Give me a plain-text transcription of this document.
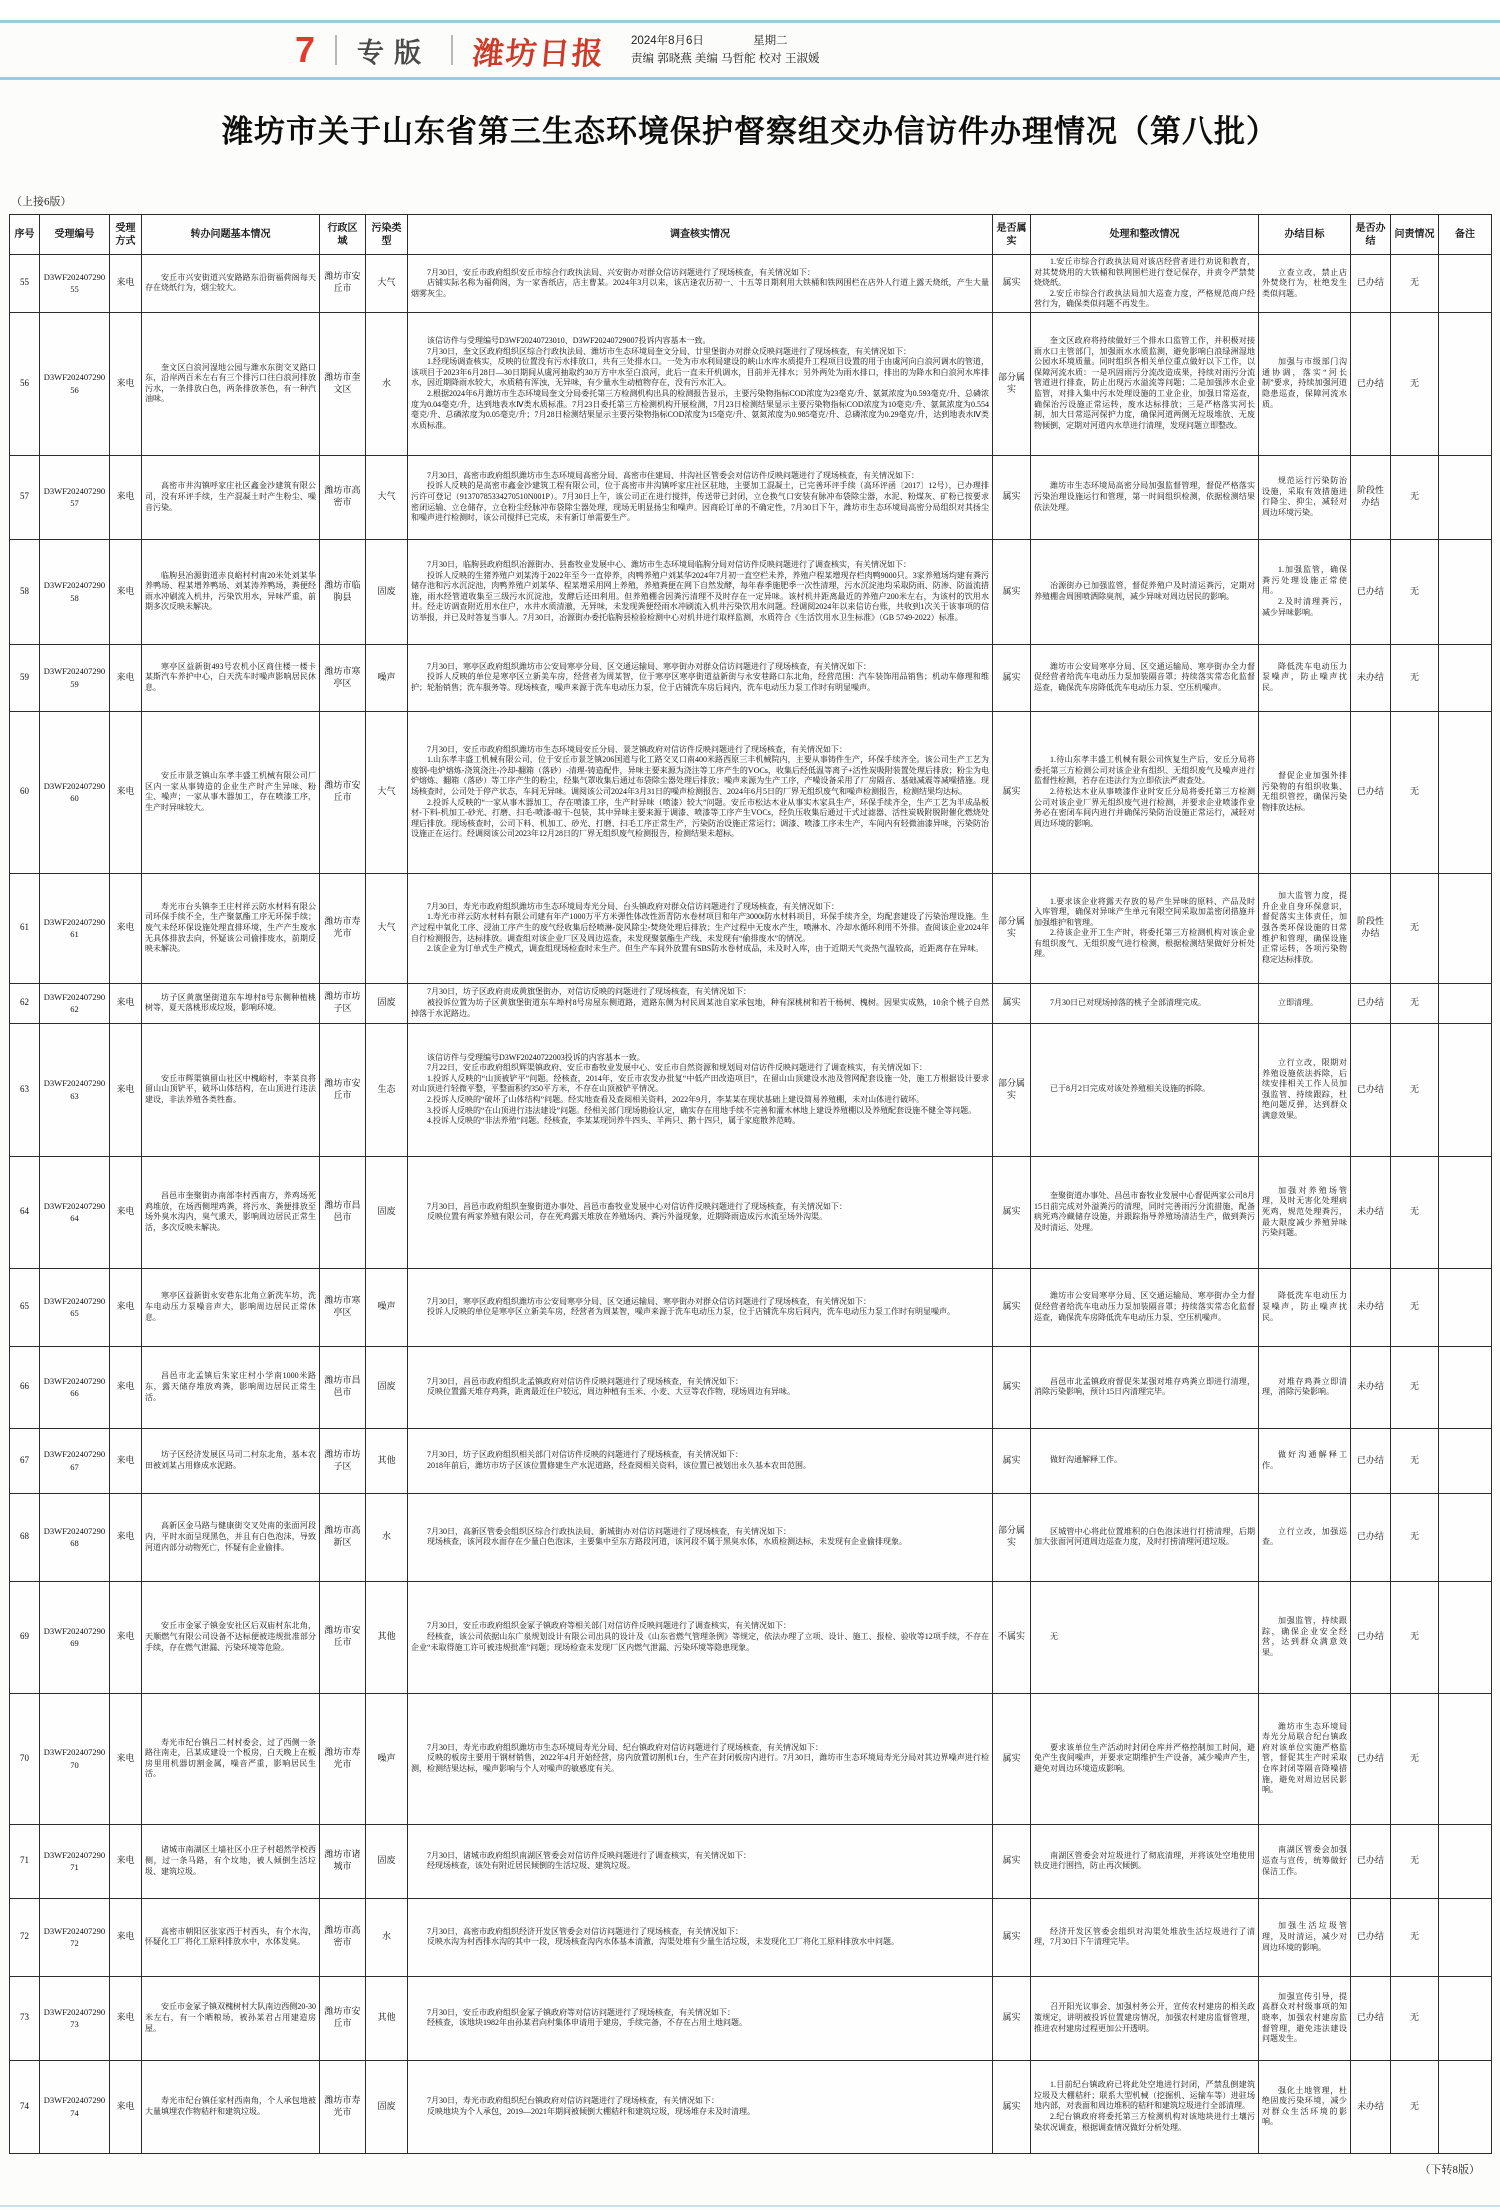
7 专版 潍坊日报 2024年8月6日	星期二
责编 郭晓燕 美编 马哲舵 校对 王淑媛
潍坊市关于山东省第三生态环境保护督察组交办信访件办理情况（第八批）
（上接6版）
序号	受理编号	受理方式	转办问题基本情况	行政区域	污染类型	调查核实情况	是否属实	处理和整改情况	办结目标	是否办结	问责情况	备注
55	D3WF20240729055	来电	
安丘市兴安街道兴安路路东沿街福荷阁每天存在烧纸行为，烟尘较大。
	潍坊市安丘市	大气	
7月30日，安丘市政府组织安丘市综合行政执法局、兴安街办对群众信访问题进行了现场核查，有关情况如下：
店铺实际名称为福荷阁，为一家香纸店，店主曹某。2024年3月以来，该店逢农历初一、十五等日期利用大铁桶和铁网围栏在店外人行道上露天烧纸，产生大量烟雾灰尘。
	属实	
1.安丘市综合行政执法局对该店经营者进行劝说和教育，对其焚烧用的大铁桶和铁网围栏进行登记保存，并责令严禁焚烧烧纸。
2.安丘市综合行政执法局加大巡查力度，严格规范商户经营行为，确保类似问题不再发生。

立查立改，禁止店外焚烧行为，杜绝发生类似问题。
	已办结	无	
56	D3WF20240729056	来电	
奎文区白浪河湿地公园与潍水东街交叉路口东，沿岸两百米左右有三个排污口往白浪河排放污水，一条排放白色，两条排放茶色，有一种汽油味。
	潍坊市奎文区	水	
该信访件与受理编号D3WF20240723010、D3WF20240729007投诉内容基本一致。
7月30日，奎文区政府组织区综合行政执法局、潍坊市生态环境局奎文分局、廿里堡街办对群众反映问题进行了现场核查，有关情况如下：
1.经现场调查核实，反映的位置没有污水排放口，共有三处排水口。一处为市水利局建设的峡山水库水质提升工程项目设置的用于由虞河向白浪河调水的管道，该项目于2023年6月28日—30日期间从虞河抽取约30万方中水至白浪河，此后一直未开机调水，目前并无排水；另外两处为雨水排口，排出的为降水和白浪河水库排水，因近期降雨水较大，水质稍有浑浊，无异味，有少量水生动植物存在，没有污水汇入。
2.根据2024年6月潍坊市生态环境局奎文分局委托第三方检测机构出具的检测报告显示，主要污染物指标COD浓度为23毫克/升、氨氮浓度为0.593毫克/升、总磷浓度为0.04毫克/升，达到地表水Ⅳ类水质标准。7月23日委托第三方检测机构开展检测，7月23日检测结果显示主要污染物指标COD浓度为10毫克/升、氨氮浓度为0.554毫克/升、总磷浓度为0.05毫克/升；7月28日检测结果显示主要污染物指标COD浓度为15毫克/升、氨氮浓度为0.985毫克/升、总磷浓度为0.29毫克/升，达到地表水Ⅳ类水质标准。
	部分属实	
奎文区政府将持续做好三个排水口监管工作，并积极对接雨水口主管部门，加强雨水水质监测，避免影响白浪绿洲湿地公园水环境质量。同时组织各相关单位重点做好以下工作，以保障河流水质：一是巩固雨污分流改造成果，持续对雨污分流管道进行排查，防止出现污水溢流等问题；二是加强涉水企业监管，对排入集中污水处理设施的工业企业，加强日常巡查，确保治污设施正常运转，废水达标排放；三是严格落实河长制，加大日常巡河保护力度，确保河道两侧无垃圾堆放、无废物倾倒，定期对河道内水草进行清理，发现问题立即整改。

加强与市级部门沟通协调，落实“河长制”要求，持续加强河道隐患巡查，保障河流水质。
	已办结	无	
57	D3WF20240729057	来电	高密市井沟镇呼家庄社区鑫金沙建筑有限公司，没有环评手续，生产混凝土时产生粉尘、噪音污染。	潍坊市高密市	大气	7月30日，高密市政府组织潍坊市生态环境局高密分局、高密市住建局、井沟社区管委会对信访件反映问题进行了现场核查，有关情况如下：
投诉人反映的是高密市鑫金沙建筑工程有限公司，位于高密市井沟镇呼家庄社区驻地，主要加工混凝土，已完善环评手续（高环评函〔2017〕12号），已办理排污许可登记（91370785334270510N001P）。7月30日上午，该公司正在进行搅拌，传送带已封闭，立仓换气口安装有脉冲布袋除尘器，水泥、粉煤灰、矿粉已按要求密闭运输、立仓储存，立仓粉尘经脉冲布袋除尘器处理，现场无明显扬尘和噪声。因商砼订单的不确定性，7月30日下午，潍坊市生态环境局高密分局组织对其扬尘和噪声进行检测时，该公司搅拌已完成，未有新订单需要生产。	属实	潍坊市生态环境局高密分局加强监督管理，督促严格落实污染治理设施运行和管理，第一时间组织检测，依据检测结果依法处理。	规范运行污染防治设施，采取有效措施进行降尘、抑尘，减轻对周边环境污染。	阶段性办结	无	
58	D3WF20240729058	来电	
临朐县冶源街道赤良峪村村南20米处刘某华养鸭场、程某增养鸭场、刘某涛养鸭场，粪便经雨水冲刷流入机井，污染饮用水，异味严重，前期多次反映未解决。
	潍坊市临朐县	固废	
7月30日，临朐县政府组织冶源街办、县畜牧业发展中心、潍坊市生态环境局临朐分局对信访件反映问题进行了调查核实，有关情况如下：
投诉人反映的生猪养殖户刘某涛于2022年至今一直停养，肉鸭养殖户刘某华2024年7月初一直空栏未养，养殖户程某增现存栏肉鸭9000只。3家养殖场均建有粪污储存池和污水沉淀池，肉鸭养殖户刘某华、程某增采用网上养殖，养殖粪便在网下自然发酵，每年春季施肥季一次性清理，污水沉淀池均采取防雨、防渗、防溢流措施，雨水经管道收集至三级污水沉淀池，发酵后还田利用。但养殖棚舍因粪污清理不及时存在一定异味。该村机井距离最近的养殖户200米左右，为该村的饮用水井。经走访调查附近用水住户，水井水质清澈，无异味，未发现粪便经雨水冲刷流入机井污染饮用水问题。经调阅2024年以来信访台账，共收到1次关于该事项的信访举报，并已及时答复当事人。7月30日，冶源街办委托临朐县检验检测中心对机井进行取样监测，水质符合《生活饮用水卫生标准》（GB 5749-2022）标准。
	属实	
冶源街办已加强监管，督促养殖户及时清运粪污，定期对养殖棚舍周围喷洒除臭剂，减少异味对周边居民的影响。

1.加强监管，确保粪污处理设施正常使用。
2.及时清理粪污，减少异味影响。
	已办结	无	
59	D3WF20240729059	来电	寒亭区益新街493号农机小区商住楼一楼卡某斯汽车养护中心，白天洗车时噪声影响居民休息。	潍坊市寒亭区	噪声	7月30日，寒亭区政府组织潍坊市公安局寒亭分局、区交通运输局、寒亭街办对群众信访问题进行了现场核查，有关情况如下：
投诉人反映的单位是寒亭区立新美车房，经营者为周某智，位于寒亭区寒亭街道益新街与永安巷路口东北角，经营范围：汽车装饰用品销售；机动车修理和维护；轮胎销售；洗车服务等。现场核查，噪声来源于洗车电动压力泵，位于店铺洗车房后间内，洗车电动压力泵工作时有明显噪声。	属实	潍坊市公安局寒亭分局、区交通运输局、寒亭街办全力督促经营者给洗车电动压力泵加装隔音罩；持续落实常态化监督巡查，确保洗车房降低洗车电动压力泵、空压机噪声。	降低洗车电动压力泵噪声，防止噪声扰民。	未办结	无	
60	D3WF20240729060	来电	
安丘市景芝镇山东孝丰盛工机械有限公司厂区内一家从事铸造的企业生产时产生异味、粉尘、噪声；一家从事木器加工，存在喷漆工序，生产时异味较大。
	潍坊市安丘市	大气	
7月30日，安丘市政府组织潍坊市生态环境局安丘分局、景芝镇政府对信访件反映问题进行了现场核查，有关情况如下：
1.山东孝丰盛工机械有限公司，位于安丘市景芝镇206国道与化工路交叉口南400米路西原三丰机械院内，主要从事铸件生产，环保手续齐全。该公司生产工艺为废钢-电炉熔炼-浇筑浇注-冷却-翻箱（落砂）-清理-铸造配件，异味主要来源为浇注等工序产生的VOCs，收集后经低温等离子+活性炭吸附装置处理后排放；粉尘为电炉熔炼、翻箱（落砂）等工序产生的粉尘，经集气罩收集后通过布袋除尘器处理后排放；噪声来源为生产工序，产噪设备采用了厂房隔音、基础减震等减噪措施。现场核查时，公司处于停产状态，车间无异味。调阅该公司2024年3月31日的噪声检测报告、2024年6月5日的厂界无组织废气和噪声检测报告，检测结果均达标。
2.投诉人反映的“一家从事木器加工，存在喷漆工序，生产时异味（喷漆）较大”问题。安丘市松达木业从事实木家具生产，环保手续齐全，生产工艺为半成品板材-下料-机加工-砂光、打磨、扫毛-喷漆-晾干-包装，其中异味主要来源于调漆、喷漆等工序产生VOCs，经负压收集后通过干式过滤器、活性炭吸附脱附催化燃烧处理后排放。现场核查时，公司下料、机加工、砂光、打磨、扫毛工序正常生产，污染防治设施正常运行；调漆、喷漆工序未生产，车间内有轻微油漆异味，污染防治设施正在运行。经调阅该公司2023年12月28日的厂界无组织废气检测报告，检测结果未超标。
	属实	
1.待山东孝丰盛工机械有限公司恢复生产后，安丘分局将委托第三方检测公司对该企业有组织、无组织废气及噪声进行监督性检测，若存在违法行为立即依法严肃查处。
2.待松达木业从事喷漆作业时安丘分局将委托第三方检测公司对该企业厂界无组织废气进行检测，并要求企业喷漆作业务必在密闭车间内进行并确保污染防治设施正常运行，减轻对周边环境的影响。

督促企业加强外排污染物的有组织收集、无组织管控，确保污染物排放达标。
	已办结	无	
61	D3WF20240729061	来电	
寿光市台头镇李王庄村祥云防水材料有限公司环保手续不全，生产聚氨酯工序无环保手续；废气未经环保设施处理直排环境，生产产生废水无具体排放去向，怀疑该公司偷排废水，前期反映未解决。
	潍坊市寿光市	大气	
7月30日，寿光市政府组织潍坊市生态环境局寿光分局、台头镇政府对群众信访问题进行了现场核查，有关情况如下：
1.寿光市祥云防水材料有限公司建有年产1000万平方米弹性体改性沥青防水卷材项目和年产3000t防水材料项目，环保手续齐全，均配套建设了污染治理设施。生产过程中氧化工序、浸油工序产生的废气经收集后经喷淋-旋风除尘-焚烧处理后排放；生产过程中无废水产生，喷淋水、冷却水循环利用不外排。查阅该企业2024年自行检测报告，达标排放。调查组对该企业厂区及周边巡查，未发现聚氨酯生产线、未发现有“偷排废水”的情况。
2.该企业为订单式生产模式，调查组现场检查时未生产。但生产车间外放置有SBS防水卷材成品，未及时入库，由于近期天气炎热气温较高，近距离存在异味。
	部分属实	
1.要求该企业将露天存放的易产生异味的原料、产品及时入库管理，确保对异味产生单元有限空间采取加盖密闭措施并加强维护和管理。
2.待该企业开工生产时，将委托第三方检测机构对该企业有组织废气、无组织废气进行检测，根据检测结果做好分析处理。

加大监管力度，提升企业自身环保意识，督促落实主体责任，加强各类环保设施的日常维护和管理，确保设施正常运转，各项污染物稳定达标排放。
	阶段性办结	无	
62	D3WF20240729062	来电	坊子区黄旗堡街道东车埠村8号东侧种植桃树等，夏天落桃形成垃圾，影响环境。	潍坊市坊子区	固废	7月30日，坊子区政府责成黄旗堡街办，对信访反映的问题进行了现场核查，有关情况如下：
被投诉位置为坊子区黄旗堡街道东车埠村8号房屋东侧道路，道路东侧为村民周某池自家承包地，种有深桃树和若干杨树、槐树。因果实成熟，10余个桃子自然掉落于水泥路边。	属实	7月30日已对现场掉落的桃子全部清理完成。	立即清理。	已办结	无	
63	D3WF20240729063	来电	
安丘市辉渠镇留山社区中槐峪村，李某良将留山山顶铲平，破坏山体结构，在山顶进行违法建设，非法养殖各类牲畜。
	潍坊市安丘市	生态	
该信访件与受理编号D3WF20240722003投诉的内容基本一致。
7月22日，安丘市政府组织辉渠镇政府、安丘市畜牧业发展中心、安丘市自然资源和规划局对信访件反映问题进行了调查核实，有关情况如下：
1.投诉人反映的“山顶被铲平”问题。经核查，2014年，安丘市农发办批复“中低产田改造项目”，在留山山顶建设水池及管网配套设施一处，施工方根据设计要求对山顶进行轻微平整，平整面积约350平方米，不存在山顶被铲平情况。
2.投诉人反映的“破坏了山体结构”问题。经实地查看及查阅相关资料，2022年9月，李某某在现状基础上建设简易养殖棚，未对山体进行破坏。
3.投诉人反映的“在山顶进行违法建设”问题。经相关部门现场勘验认定，确实存在用地手续不完善和灌木林地上建设养殖棚以及养殖配套设施不健全等问题。
4.投诉人反映的“非法养殖”问题。经核查，李某某现饲养牛四头、羊两只、鹅十四只，属于家庭散养范畴。
	部分属实	
已于8月2日完成对该处养殖相关设施的拆除。

立行立改，限期对养殖设施依法拆除，后续安排相关工作人员加强监管、持续跟踪，杜绝问题反弹，达到群众满意效果。
	已办结	无	
64	D3WF20240729064	来电	昌邑市奎聚街办南部李村西南方，养鸡场死鸡堆放，在场西侧埋鸡粪，将污水、粪便排放至场外臭水沟内，臭气熏天，影响周边居民正常生活，多次反映未解决。	潍坊市昌邑市	固废	7月30日，昌邑市政府组织奎聚街道办事处、昌邑市畜牧业发展中心对信访件反映问题进行了现场核查，有关情况如下：
反映位置有两家养殖有限公司，存在死鸡露天堆放在养殖场内、粪污外溢现象，近期降雨造成污水流至场外沟渠。	属实	奎聚街道办事处、昌邑市畜牧业发展中心督促两家公司8月15日前完成对外溢粪污的清理，同时完善雨污分流措施，配备病死鸡冷藏储存设施，并跟踪指导养殖场清洁生产，做到粪污及时清运、处理。	加强对养殖场管理，及时无害化处理病死鸡，规范处理粪污，最大限度减少养殖异味污染问题。	未办结	无	
65	D3WF20240729065	来电	寒亭区益新街永安巷东北角立新洗车坊，洗车电动压力泵噪音声大，影响周边居民正常休息。	潍坊市寒亭区	噪声	7月30日，寒亭区政府组织潍坊市公安局寒亭分局、区交通运输局、寒亭街办对群众信访问题进行了现场核查，有关情况如下：
投诉人反映的单位是寒亭区立新美车房，经营者为周某智，噪声来源于洗车电动压力泵，位于店铺洗车房后间内，洗车电动压力泵工作时有明显噪声。	属实	潍坊市公安局寒亭分局、区交通运输局、寒亭街办全力督促经营者给洗车电动压力泵加装隔音罩；持续落实常态化监督巡查，确保洗车房降低洗车电动压力泵、空压机噪声。	降低洗车电动压力泵噪声，防止噪声扰民。	未办结	无	
66	D3WF20240729066	来电	昌邑市北孟镇后朱家庄村小学南1000米路东，露天储存堆放鸡粪，影响周边居民正常生活。	潍坊市昌邑市	固废	7月30日，昌邑市政府组织北孟镇政府对信访件反映问题进行了现场核查，有关情况如下：
反映位置露天堆存鸡粪，距离最近住户较远，周边种植有玉米、小麦、大豆等农作物，现场周边有异味。	属实	昌邑市北孟镇政府督促朱某强对堆存鸡粪立即进行清理，消除污染影响，预计15日内清理完毕。	对堆存鸡粪立即清理，消除污染影响。	未办结	无	
67	D3WF20240729067	来电	坊子区经济发展区马司二村东北角，基本农田被刘某占用修成水泥路。	潍坊市坊子区	其他	7月30日，坊子区政府组织相关部门对信访件反映的问题进行了现场核查，有关情况如下：
2018年前后，潍坊市坊子区该位置修建生产水泥道路，经查阅相关资料，该位置已被划出永久基本农田范围。	属实	做好沟通解释工作。	做好沟通解释工作。	已办结	无	
68	D3WF20240729068	来电	高新区金马路与健康街交叉处南的张面河段内，平时水面呈现黑色，并且有白色泡沫，导致河道内部分动物死亡，怀疑有企业偷排。	潍坊市高新区	水	7月30日，高新区管委会组织区综合行政执法局、新城街办对信访问题进行了现场核查，有关情况如下：
现场核查，该河段水面存在少量白色泡沫，主要集中至东方路段河道，该河段不属于黑臭水体，水质检测达标，未发现有企业偷排现象。	部分属实	区城管中心将此位置堆积的白色泡沫进行打捞清理，后期加大张面河河道周边巡查力度，及时打捞清理河道垃圾。	立行立改，加强巡查。	已办结	无	
69	D3WF20240729069	来电	安丘市金冢子镇金安社区后双庙村东北角，天顺燃气有限公司设备不达标便被违规批准部分手续，存在燃气泄漏、污染环境等危险。	潍坊市安丘市	其他	7月30日，安丘市政府组织金冢子镇政府等相关部门对信访件反映问题进行了调查核实，有关情况如下：
经核查，该公司依据山东广泉规划设计有限公司出具的设计及《山东省燃气管理条例》等规定，依法办理了立项、设计、施工、报检、验收等12项手续，不存在企业“未取得施工许可被违规批准”问题；现场检查未发现厂区内燃气泄漏、污染环境等隐患现象。	不属实	无	加强监管，持续跟踪，确保企业安全经营，达到群众满意效果。	已办结	无	
70	D3WF20240729070	来电	寿光市纪台镇吕二村村委会，过了西侧一条路往南走，吕某成建设一个板房，白天晚上在板房里用机器切割金属，噪音严重，影响居民生活。	潍坊市寿光市	噪声	7月30日，寿光市政府组织潍坊市生态环境局寿光分局、纪台镇政府对信访问题进行了现场核查，有关情况如下：
反映的板房主要用于钢材销售，2022年4月开始经营，房内放置切割机1台，生产在封闭板房内进行。7月30日，潍坊市生态环境局寿光分局对其边界噪声进行检测，检测结果达标，噪声影响与个人对噪声的敏感度有关。	属实	要求该单位生产活动时封闭仓库并严格控制加工时间，避免产生夜间噪声，并要求定期维护生产设备，减少噪声产生，避免对周边环境造成影响。	潍坊市生态环境局寿光分局联合纪台镇政府对该单位实施严格监管，督促其生产时采取仓库封闭等隔音降噪措施，避免对周边居民影响。	已办结	无	
71	D3WF20240729071	来电	诸城市南湖区土墙社区小庄子村超然学校西侧，过一条马路，有个坟地，被人倾倒生活垃圾、建筑垃圾。	潍坊市诸城市	固废	7月30日，诸城市政府组织南湖区管委会对信访件反映问题进行了调查核实，有关情况如下：
经现场核查，该处有附近居民倾倒的生活垃圾、建筑垃圾。	属实	南湖区管委会对垃圾进行了彻底清理，并将该处空地使用铁皮进行围挡，防止再次倾倒。	南湖区管委会加强巡查与宣传，统筹做好保洁工作。	已办结	无	
72	D3WF20240729072	来电	高密市朝阳区张家西于村西头，有个水沟，怀疑化工厂将化工原料排放水中，水体发臭。	潍坊市高密市	水	7月30日，高密市政府组织经济开发区管委会对信访问题进行了现场核查，有关情况如下：
反映水沟为村西排水沟的其中一段，现场核查沟内水体基本清澈，沟渠处堆有少量生活垃圾，未发现化工厂将化工原料排放水中问题。	属实	经济开发区管委会组织对沟渠处堆放生活垃圾进行了清理，7月30日下午清理完毕。	加强生活垃圾管理，及时清运，减少对周边环境的影响。	已办结	无	
73	D3WF20240729073	来电	安丘市金冢子镇双槐树村大队南边西侧20-30米左右，有一个晒粮场，被孙某君占用建造房屋。	潍坊市安丘市	其他	7月30日，安丘市政府组织金冢子镇政府等对信访问题进行了现场核查，有关情况如下：
经核查，该地块1982年由孙某君向村集体申请用于建房，手续完备，不存在占用土地问题。	属实	召开阳光议事会、加强村务公开，宣传农村建房的相关政策规定，讲明被投诉位置建房情况，加强农村建房监督管理，推进农村建房过程更加公开透明。	加强宣传引导，提高群众对村级事项的知晓率，加强农村建房监督管理，避免违法建设问题发生。	已办结	无	
74	D3WF20240729074	来电	
寿光市纪台镇任家村西南角，个人承包地被大量填埋农作物秸秆和建筑垃圾。
	潍坊市寿光市	固废	
7月30日，寿光市政府组织纪台镇政府对信访问题进行了现场核查，有关情况如下：
反映地块为个人承包，2019—2021年期间被倾倒大棚秸秆和建筑垃圾，现场堆存未及时清理。
	属实	
1.目前纪台镇政府已将此处空地进行封闭，严禁乱倒建筑垃圾及大棚秸秆；联系大型机械（挖掘机、运输车等）进驻场地内部，对表面和周边堆积的秸秆和建筑垃圾进行全部清理。
2.纪台镇政府将委托第三方检测机构对该地块进行土壤污染状况调查，根据调查情况做好分析处理。

强化土地管理，杜绝固废污染环境，减少对群众生活环境的影响。
	未办结	无	
（下转8版）
